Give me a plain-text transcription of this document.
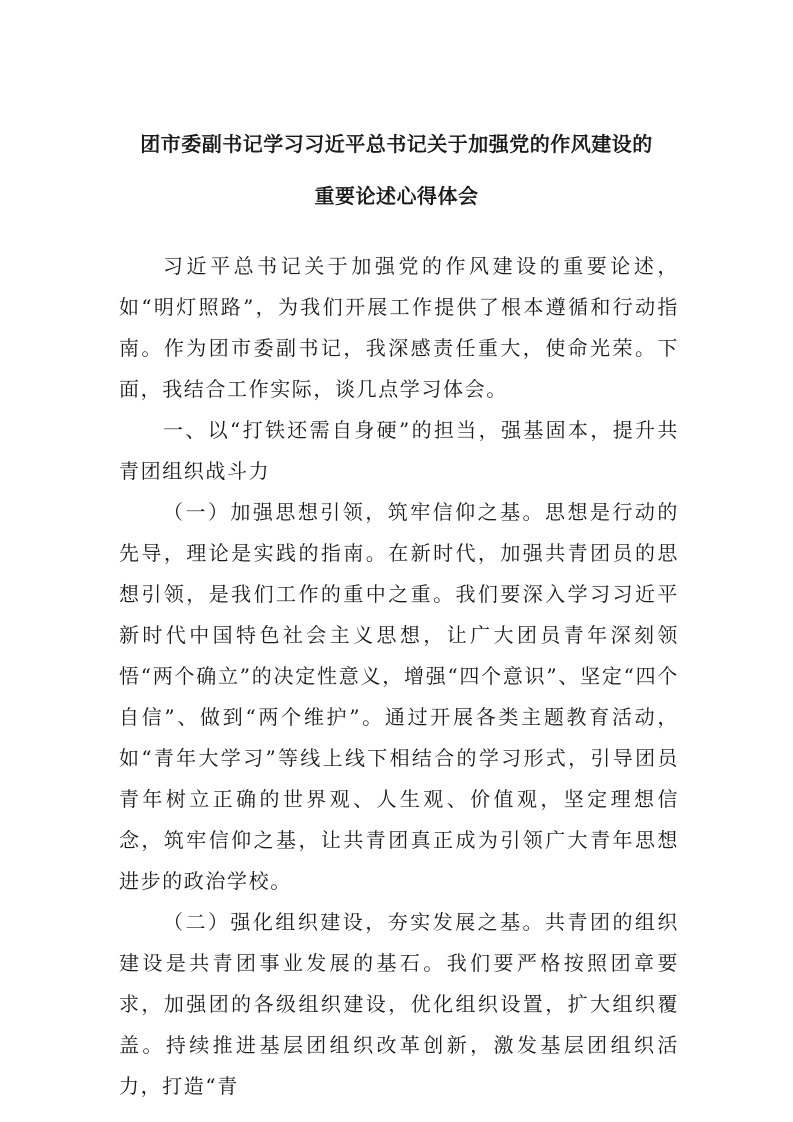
团市委副书记学习习近平总书记关于加强党的作风建设的
重要论述心得体会

习近平总书记关于加强党的作风建设的重要论述，如“明灯照路”，为我们开展工作提供了根本遵循和行动指南。作为团市委副书记，我深感责任重大，使命光荣。下面，我结合工作实际，谈几点学习体会。

一、以“打铁还需自身硬”的担当，强基固本，提升共青团组织战斗力

（一）加强思想引领，筑牢信仰之基。思想是行动的先导，理论是实践的指南。在新时代，加强共青团员的思想引领，是我们工作的重中之重。我们要深入学习习近平新时代中国特色社会主义思想，让广大团员青年深刻领悟“两个确立”的决定性意义，增强“四个意识”、坚定“四个自信”、做到“两个维护”。通过开展各类主题教育活动，如“青年大学习”等线上线下相结合的学习形式，引导团员青年树立正确的世界观、人生观、价值观，坚定理想信念，筑牢信仰之基，让共青团真正成为引领广大青年思想进步的政治学校。

（二）强化组织建设，夯实发展之基。共青团的组织建设是共青团事业发展的基石。我们要严格按照团章要求，加强团的各级组织建设，优化组织设置，扩大组织覆盖。持续推进基层团组织改革创新，激发基层团组织活力，打造“青
